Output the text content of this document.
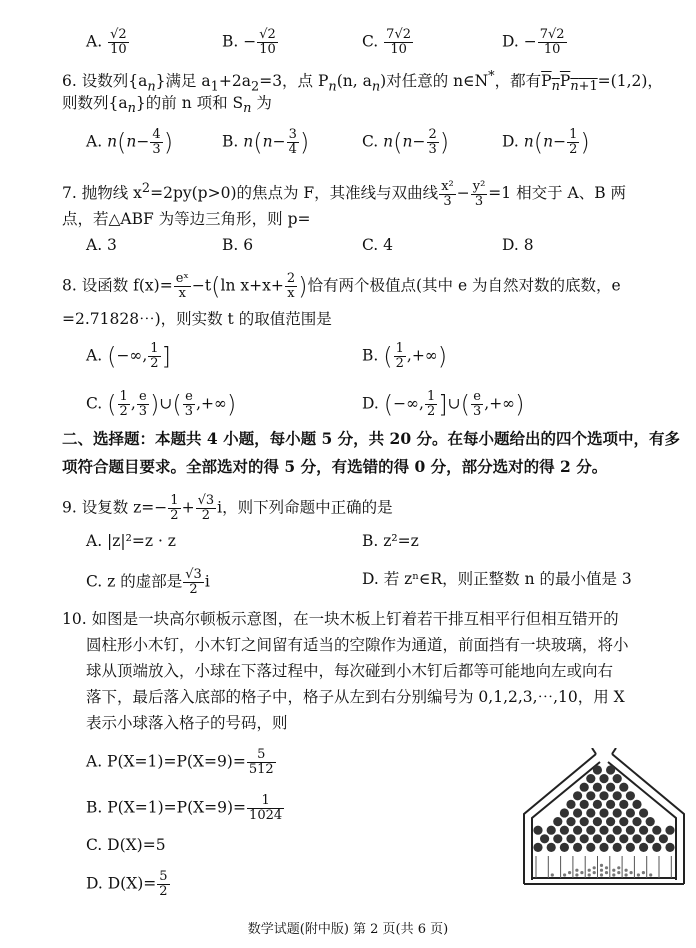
A. $\frac{√2}{10}$	B. − $\frac{√2}{10}$	C. $\frac{7√2}{10}$	D. − $\frac{7√2}{10}$
6. 设数列$\{a_n\}$满足 $a_1+2a_2=3$，点 $P_n(n$, $a_n$)对任意的 n∈N*，都有$P_nP_{n+1}=(1,2)$，
则数列$\{a_n\}$的前 n 项和 $S_n$ 为
A. $n(n- \frac{4}{3}$ )	B. $n(n- \frac{3}{4}$ )	C. $n(n- \frac{2}{3}$ )	D. $n(n- \frac{1}{2}$ )
7. 抛物线 $x^2=2py(p>0)$的焦点为 F，其准线与双曲线 $\frac{\text{x²}}{3} - \frac{\text{y²}}{3} =1$ 相交于 A、B 两
点，若△ABF 为等边三角形，则 p=
A. 3	B. 6	C. 4	D. 8
8. 设函数 $f(x)= \frac{\text{eˣ}}{x} -t(\ln$ $x+x+ \frac{2}{x}$ )恰有两个极值点(其中 e 为自然对数的底数，e
=2.71828⋯)，则实数 t 的取值范围是
A. (−∞, $\frac{1}{2}$ ]	B. ( $\frac{1}{2}$ ,+∞)
C. ( $\frac{1}{2}$ , $\frac{e}{3}$ )∪( $\frac{e}{3}$ ,+∞)	D. (−∞, $\frac{1}{2}$ ]∪( $\frac{e}{3}$ ,+∞)
二、选择题：本题共 4 小题，每小题 5 分，共 20 分。在每小题给出的四个选项中，有多
项符合题目要求。全部选对的得 5 分，有选错的得 0 分，部分选对的得 2 分。
9. 设复数 $z=- \frac{1}{2} + \frac{√3}{2}$ i，则下列命题中正确的是
A. |z|²=z · z	B. z²=z
C. z 的虚部是 $\frac{√3}{2}$ i	D. 若 zⁿ∈R，则正整数 n 的最小值是 3
10. 如图是一块高尔顿板示意图，在一块木板上钉着若干排互相平行但相互错开的
圆柱形小木钉，小木钉之间留有适当的空隙作为通道，前面挡有一块玻璃，将小
球从顶端放入，小球在下落过程中，每次碰到小木钉后都等可能地向左或向右
落下，最后落入底部的格子中，格子从左到右分别编号为 0,1,2,3,⋯,10，用 X
表示小球落入格子的号码，则
A. $P(X=1)=P(X=9)= \frac{5}{512}$
B. $P(X=1)=P(X=9)= \frac{1}{1024}$
C. D(X)=5
D. $D(X)= \frac{5}{2}$
数学试题(附中版) 第 2 页(共 6 页)
